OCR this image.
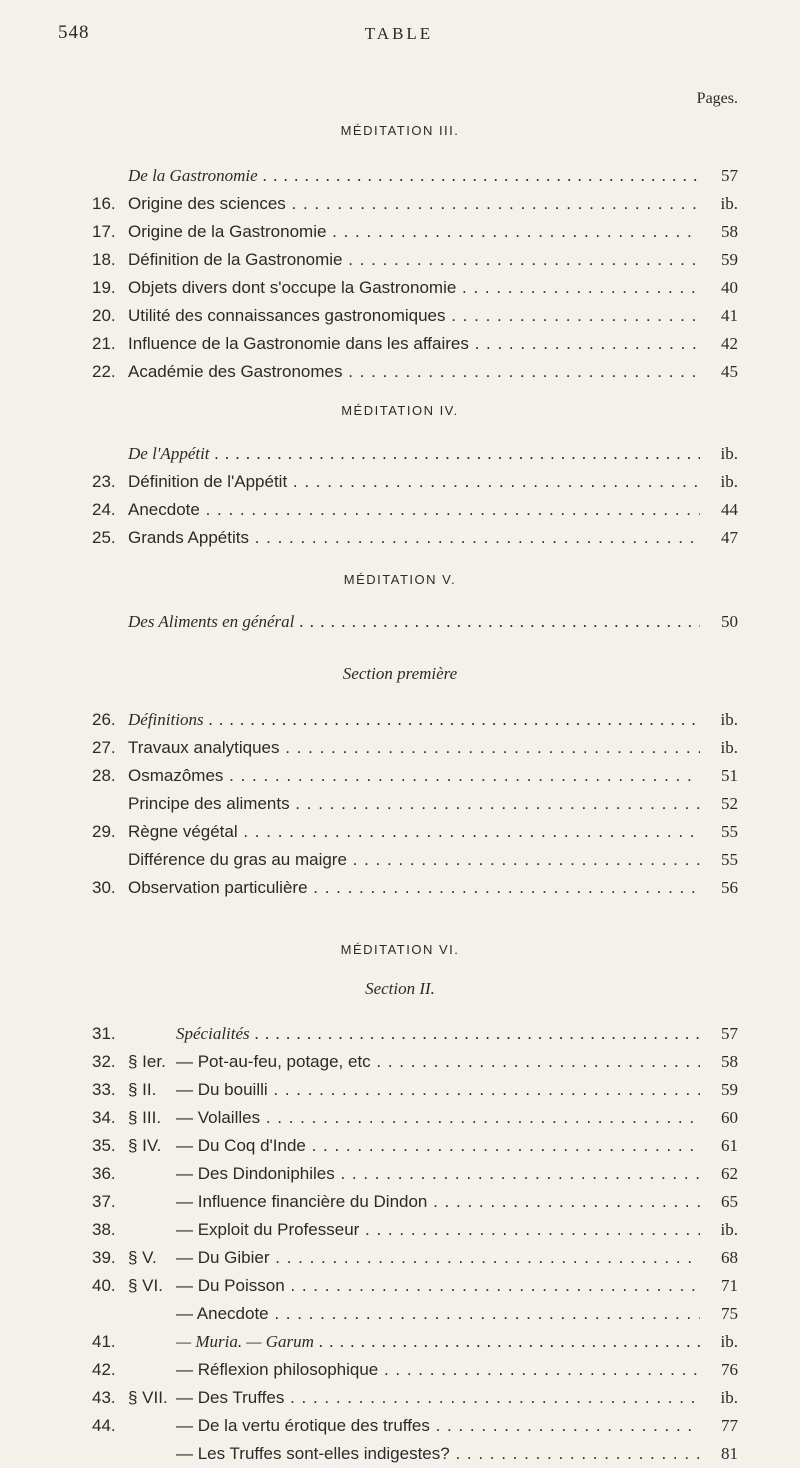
548	TABLE
Pages.
MÉDITATION III.
De la Gastronomie . . .	57
16. Origine des sciences . . .	ib.
17. Origine de la Gastronomie . . .	58
18. Définition de la Gastronomie . . .	59
19. Objets divers dont s'occupe la Gastronomie . . .	40
20. Utilité des connaissances gastronomiques . . .	41
21. Influence de la Gastronomie dans les affaires . . .	42
22. Académie des Gastronomes . . .	45
MÉDITATION IV.
De l'Appétit . . .	ib.
23. Définition de l'Appétit . . .	ib.
24. Anecdote . . .	44
25. Grands Appétits . . .	47
MÉDITATION V.
Des Aliments en général . . .	50
Section première
26. Définitions . . .	ib.
27. Travaux analytiques . . .	ib.
28. Osmazômes . . .	51
Principe des aliments . . .	52
29. Règne végétal . . .	55
Différence du gras au maigre . . .	55
30. Observation particulière . . .	56
MÉDITATION VI.
Section II.
31.	Spécialités . . .	57
32. § Ier. — Pot-au-feu, potage, etc . . .	58
33. § II.	— Du bouilli . . .	59
34. § III. — Volailles . . .	60
35. § IV. — Du Coq d'Inde . . .	61
36.	— Des Dindoniphiles . . .	62
37.	— Influence financière du Dindon . . .	65
38.	— Exploit du Professeur . . .	ib.
39. § V.	— Du Gibier . . .	68
40. § VI. — Du Poisson . . .	71
— Anecdote . . .	75
41.	— Muria. — Garum . . .	ib.
42.	— Réflexion philosophique . . .	76
43. § VII. — Des Truffes . . .	ib.
44.	— De la vertu érotique des truffes . . .	77
— Les Truffes sont-elles indigestes? . . .	81
